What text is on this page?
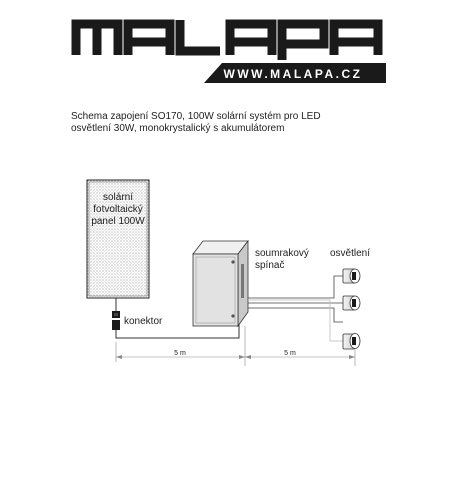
WWW.MALAPA.CZ
Schema zapojení SO170, 100W solární systém pro LED
osvětlení 30W, monokrystalický s akumulátorem
solární
fotvoltaický
panel 100W
konektor
soumrakový
spínač
osvětlení
5 m	5 m
